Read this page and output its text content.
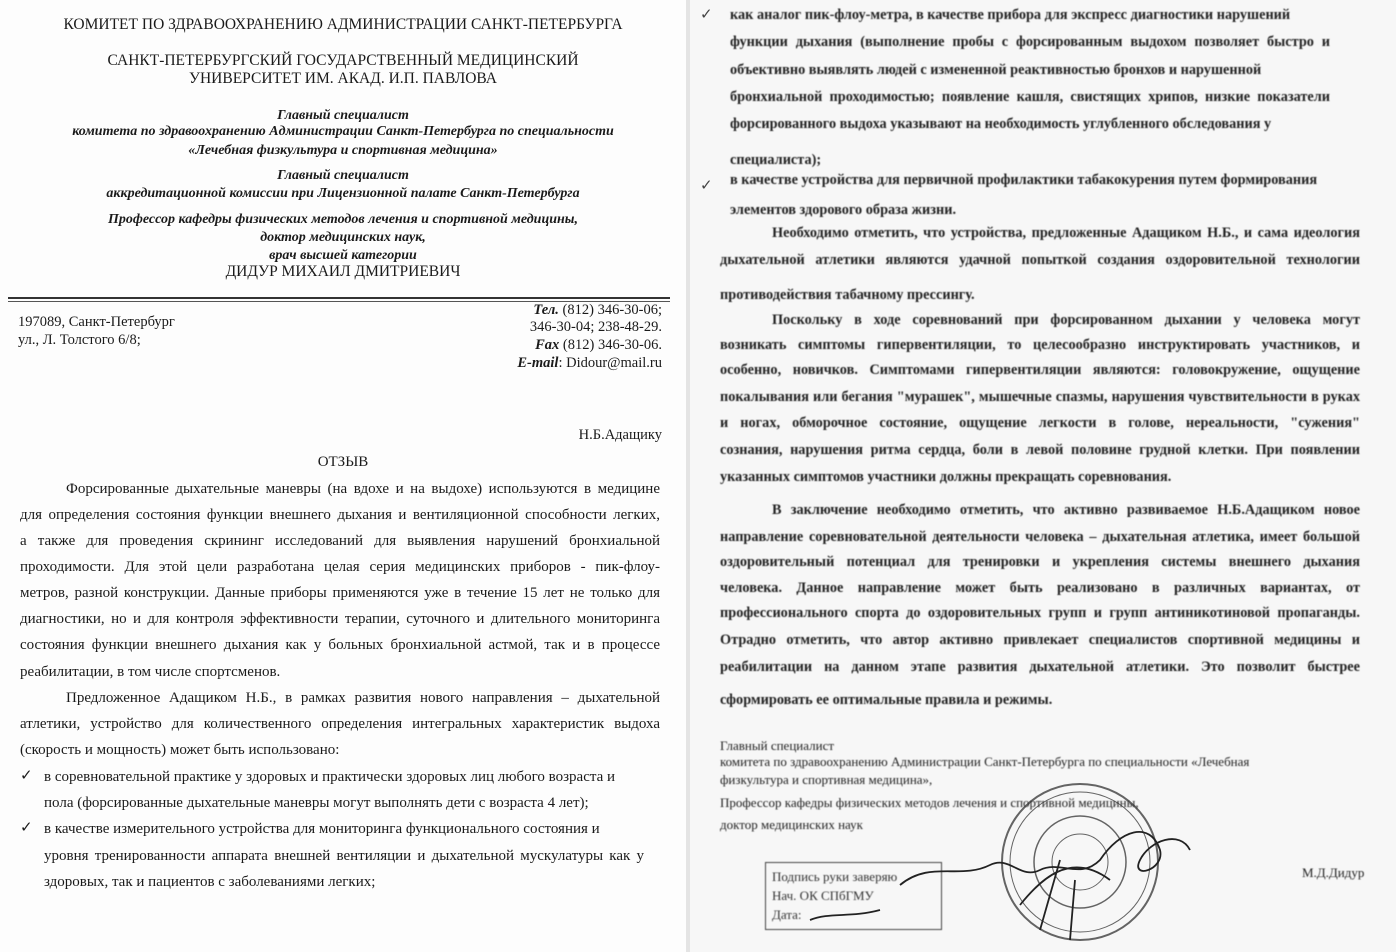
КОМИТЕТ ПО ЗДРАВООХРАНЕНИЮ АДМИНИСТРАЦИИ САНКТ-ПЕТЕРБУРГА
САНКТ-ПЕТЕРБУРГСКИЙ ГОСУДАРСТВЕННЫЙ МЕДИЦИНСКИЙ
УНИВЕРСИТЕТ ИМ. АКАД. И.П. ПАВЛОВА
Главный специалист
комитета по здравоохранению Администрации Санкт-Петербурга по специальности
«Лечебная физкультура и спортивная медицина»
Главный специалист
аккредитационной комиссии при Лицензионной палате Санкт-Петербурга
Профессор кафедры физических методов лечения и спортивной медицины,
доктор медицинских наук,
врач высшей категории
ДИДУР МИХАИЛ ДМИТРИЕВИЧ
197089, Санкт-Петербург
ул., Л. Толстого 6/8;
Тел. (812) 346-30-06;
346-30-04; 238-48-29.
Fax (812) 346-30-06.
E-mail: Didour@mail.ru
Н.Б.Адащику
ОТЗЫВ
Форсированные дыхательные маневры (на вдохе и на выдохе) используются в медицине
для определения состояния функции внешнего дыхания и вентиляционной способности легких,
а также для проведения скрининг исследований для выявления нарушений бронхиальной
проходимости. Для этой цели разработана целая серия медицинских приборов - пик-флоу-
метров, разной конструкции. Данные приборы применяются уже в течение 15 лет не только для
диагностики, но и для контроля эффективности терапии, суточного и длительного мониторинга
состояния функции внешнего дыхания как у больных бронхиальной астмой, так и в процессе
реабилитации, в том числе спортсменов.
Предложенное Адащиком Н.Б., в рамках развития нового направления – дыхательной
атлетики, устройство для количественного определения интегральных характеристик выдоха
(скорость и мощность) может быть использовано:
✓ в соревновательной практике у здоровых и практически здоровых лиц любого возраста и
пола (форсированные дыхательные маневры могут выполнять дети с возраста 4 лет);
✓ в качестве измерительного устройства для мониторинга функционального состояния и
уровня тренированности аппарата внешней вентиляции и дыхательной мускулатуры как у
здоровых, так и пациентов с заболеваниями легких;
✓ как аналог пик-флоу-метра, в качестве прибора для экспресс диагностики нарушений
функции дыхания (выполнение пробы с форсированным выдохом позволяет быстро и
объективно выявлять людей с измененной реактивностью бронхов и нарушенной
бронхиальной проходимостью; появление кашля, свистящих хрипов, низкие показатели
форсированного выдоха указывают на необходимость углубленного обследования у
специалиста);
✓ в качестве устройства для первичной профилактики табакокурения путем формирования
элементов здорового образа жизни.
Необходимо отметить, что устройства, предложенные Адащиком Н.Б., и сама идеология
дыхательной атлетики являются удачной попыткой создания оздоровительной технологии
противодействия табачному прессингу.
Поскольку в ходе соревнований при форсированном дыхании у человека могут
возникать симптомы гипервентиляции, то целесообразно инструктировать участников, и
особенно, новичков. Симптомами гипервентиляции являются: головокружение, ощущение
покалывания или бегания "мурашек", мышечные спазмы, нарушения чувствительности в руках
и ногах, обморочное состояние, ощущение легкости в голове, нереальности, "сужения"
сознания, нарушения ритма сердца, боли в левой половине грудной клетки. При появлении
указанных симптомов участники должны прекращать соревнования.
В заключение необходимо отметить, что активно развиваемое Н.Б.Адащиком новое
направление соревновательной деятельности человека – дыхательная атлетика, имеет большой
оздоровительный потенциал для тренировки и укрепления системы внешнего дыхания
человека. Данное направление может быть реализовано в различных вариантах, от
профессионального спорта до оздоровительных групп и групп антиникотиновой пропаганды.
Отрадно отметить, что автор активно привлекает специалистов спортивной медицины и
реабилитации на данном этапе развития дыхательной атлетики. Это позволит быстрее
сформировать ее оптимальные правила и режимы.
Главный специалист
комитета по здравоохранению Администрации Санкт-Петербурга по специальности «Лечебная
физкультура и спортивная медицина»,
Профессор кафедры физических методов лечения и спортивной медицины,
доктор медицинских наук
М.Д.Дидур
Подпись руки заверяю
Нач. ОК СПбГМУ
Дата:
